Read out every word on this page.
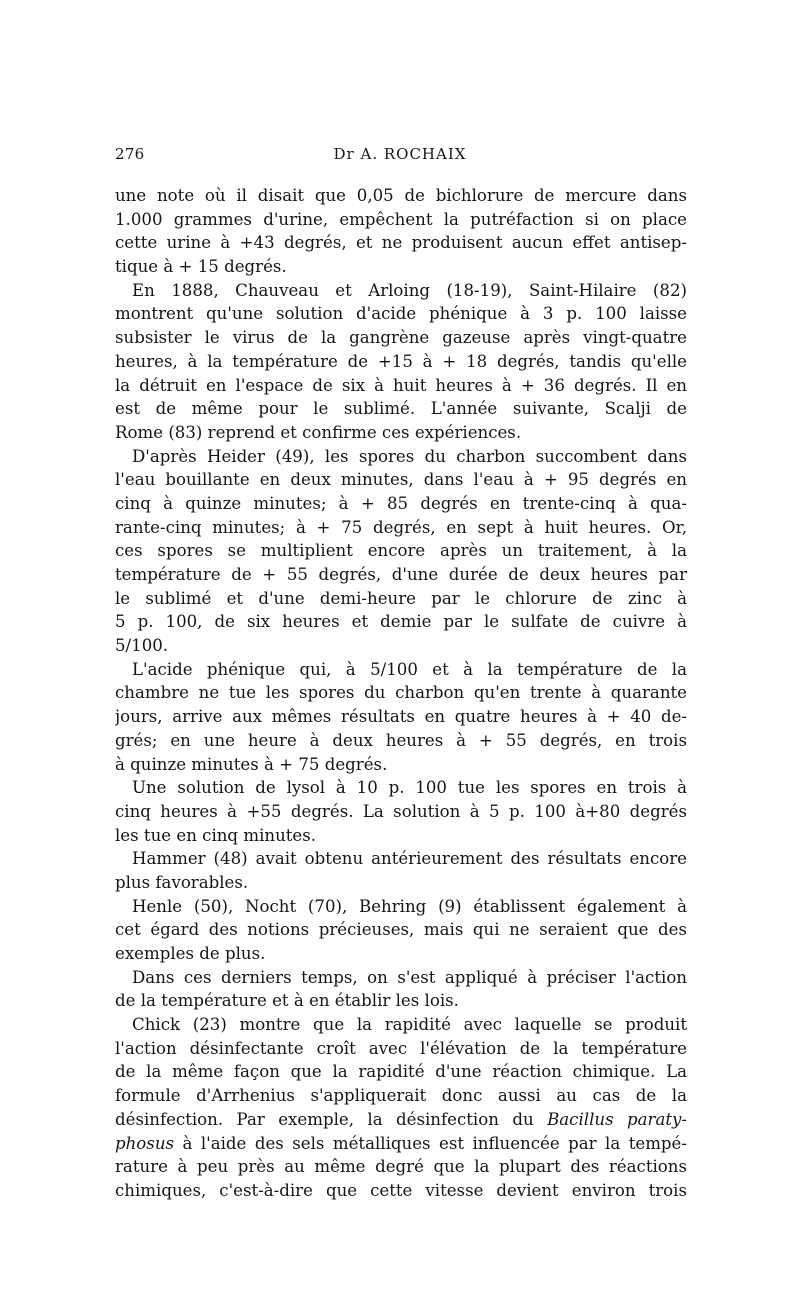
276	Dr A. ROCHAIX
une note où il disait que 0,05 de bichlorure de mercure dans
1.000 grammes d'urine, empêchent la putréfaction si on place
cette urine à +43 degrés, et ne produisent aucun effet antisep-
tique à + 15 degrés.
En 1888, Chauveau et Arloing (18-19), Saint-Hilaire (82)
montrent qu'une solution d'acide phénique à 3 p. 100 laisse
subsister le virus de la gangrène gazeuse après vingt-quatre
heures, à la température de +15 à + 18 degrés, tandis qu'elle
la détruit en l'espace de six à huit heures à + 36 degrés. Il en
est de même pour le sublimé. L'année suivante, Scalji de
Rome (83) reprend et confirme ces expériences.
D'après Heider (49), les spores du charbon succombent dans
l'eau bouillante en deux minutes, dans l'eau à + 95 degrés en
cinq à quinze minutes; à + 85 degrés en trente-cinq à qua-
rante-cinq minutes; à + 75 degrés, en sept à huit heures. Or,
ces spores se multiplient encore après un traitement, à la
température de + 55 degrés, d'une durée de deux heures par
le sublimé et d'une demi-heure par le chlorure de zinc à
5 p. 100, de six heures et demie par le sulfate de cuivre à
5/100.
L'acide phénique qui, à 5/100 et à la température de la
chambre ne tue les spores du charbon qu'en trente à quarante
jours, arrive aux mêmes résultats en quatre heures à + 40 de-
grés; en une heure à deux heures à + 55 degrés, en trois
à quinze minutes à + 75 degrés.
Une solution de lysol à 10 p. 100 tue les spores en trois à
cinq heures à +55 degrés. La solution à 5 p. 100 à+80 degrés
les tue en cinq minutes.
Hammer (48) avait obtenu antérieurement des résultats encore
plus favorables.
Henle (50), Nocht (70), Behring (9) établissent également à
cet égard des notions précieuses, mais qui ne seraient que des
exemples de plus.
Dans ces derniers temps, on s'est appliqué à préciser l'action
de la température et à en établir les lois.
Chick (23) montre que la rapidité avec laquelle se produit
l'action désinfectante croît avec l'élévation de la température
de la même façon que la rapidité d'une réaction chimique. La
formule d'Arrhenius s'appliquerait donc aussi au cas de la
désinfection. Par exemple, la désinfection du Bacillus paraty-
phosus à l'aide des sels métalliques est influencée par la tempé-
rature à peu près au même degré que la plupart des réactions
chimiques, c'est-à-dire que cette vitesse devient environ trois
